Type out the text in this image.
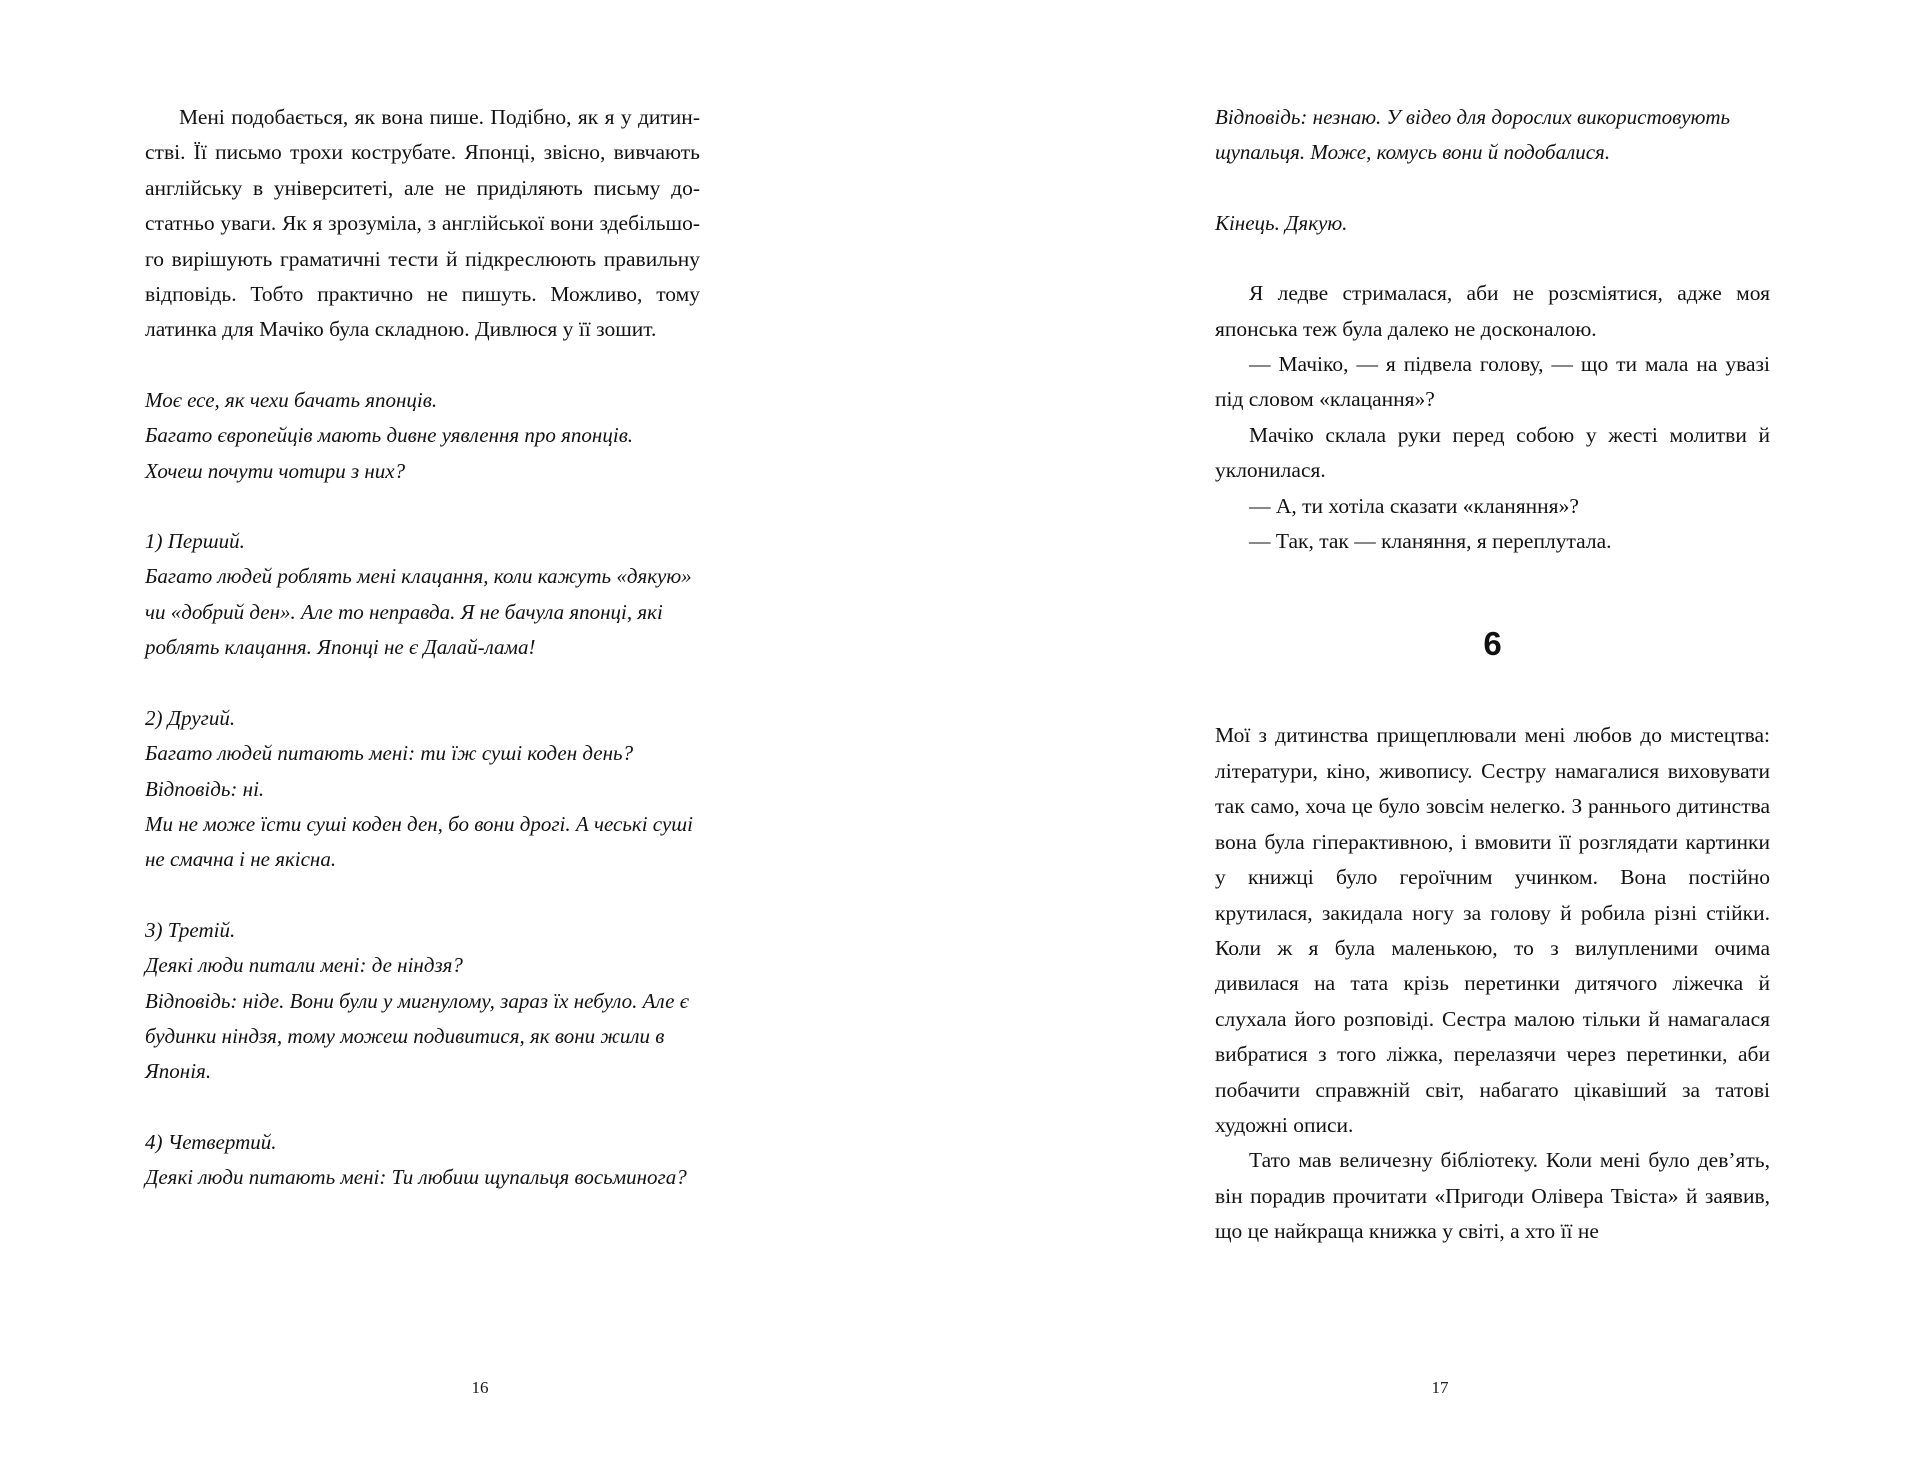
Мені подобається, як вона пише. Подібно, як я у дитинстві. Її письмо трохи кострубате. Японці, звісно, вивчають англійську в університеті, але не приділяють письму достатньо уваги. Як я зрозуміла, з англійської вони здебільшого вирішують граматичні тести й підкреслюють правильну відповідь. Тобто практично не пишуть. Можливо, тому латинка для Мачіко була складною. Дивлюся у її зошит.

Моє есе, як чехи бачать японців.

Багато європейців мають дивне уявлення про японців.

Хочеш почути чотири з них?

1) Перший.

Багато людей роблять мені клацання, коли кажуть «дякую» чи «добрий ден». Але то неправда. Я не бачула японці, які роблять клацання. Японці не є Далай-лама!

2) Другий.

Багато людей питають мені: ти їж суші коден день?

Відповідь: ні.

Ми не може їсти суші коден ден, бо вони дрогі. А чеські суші не смачна і не якісна.

3) Третій.

Деякі люди питали мені: де ніндзя?

Відповідь: ніде. Вони були у мигнулому, зараз їх небуло. Але є будинки ніндзя, тому можеш подивитися, як вони жили в Японія.

4) Четвертий.

Деякі люди питають мені: Ти любиш щупальця восьминога?

16

Відповідь: незнаю. У відео для дорослих використовують щупальця. Може, комусь вони й подобалися.

Кінець. Дякую.

Я ледве стрималася, аби не розсміятися, адже моя японська теж була далеко не досконалою.

— Мачіко, — я підвела голову, — що ти мала на увазі під словом «клацання»?

Мачіко склала руки перед собою у жесті молитви й уклонилася.

— А, ти хотіла сказати «кланяння»?

— Так, так — кланяння, я переплутала.

6

Мої з дитинства прищеплювали мені любов до мистецтва: літератури, кіно, живопису. Сестру намагалися виховувати так само, хоча це було зовсім нелегко. З раннього дитинства вона була гіперактивною, і вмовити її розглядати картинки у книжці було героїчним учинком. Вона постійно крутилася, закидала ногу за голову й робила різні стійки. Коли ж я була маленькою, то з вилупленими очима дивилася на тата крізь перетинки дитячого ліжечка й слухала його розповіді. Сестра малою тільки й намагалася вибратися з того ліжка, перелазячи через перетинки, аби побачити справжній світ, набагато цікавіший за татові художні описи.

Тато мав величезну бібліотеку. Коли мені було дев’ять, він порадив прочитати «Пригоди Олівера Твіста» й заявив, що це найкраща книжка у світі, а хто її не

17
